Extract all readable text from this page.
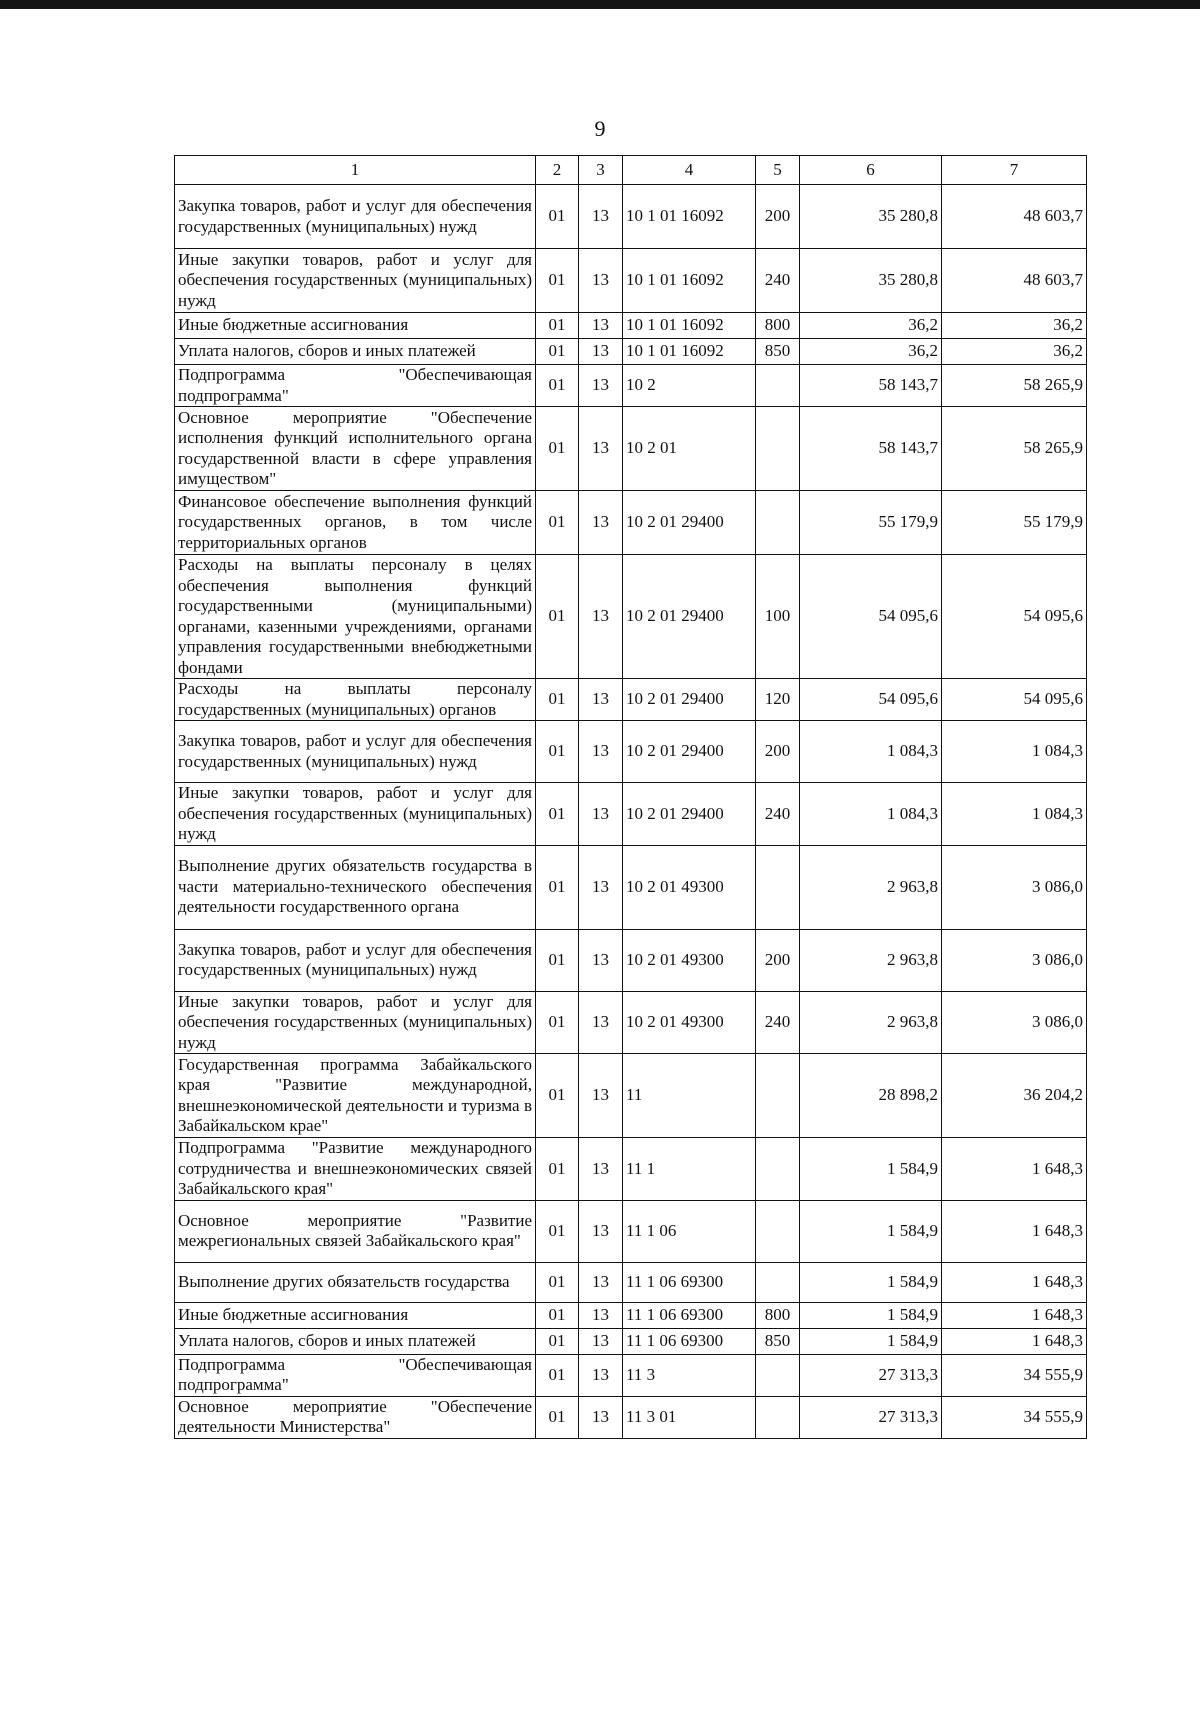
9
1	2	3	4	5	6	7
Закупка товаров, работ и услуг для обеспечения государственных (муниципальных) нужд	01	13	10 1 01 16092	200	35 280,8	48 603,7
Иные закупки товаров, работ и услуг для обеспечения государственных (муниципальных) нужд	01	13	10 1 01 16092	240	35 280,8	48 603,7
Иные бюджетные ассигнования	01	13	10 1 01 16092	800	36,2	36,2
Уплата налогов, сборов и иных платежей	01	13	10 1 01 16092	850	36,2	36,2
Подпрограмма "Обеспечивающая подпрограмма"	01	13	10 2		58 143,7	58 265,9
Основное мероприятие "Обеспечение исполнения функций исполнительного органа государственной власти в сфере управления имуществом"	01	13	10 2 01		58 143,7	58 265,9
Финансовое обеспечение выполнения функций государственных органов, в том числе территориальных органов	01	13	10 2 01 29400		55 179,9	55 179,9
Расходы на выплаты персоналу в целях обеспечения выполнения функций государственными (муниципальными) органами, казенными учреждениями, органами управления государственными внебюджетными фондами	01	13	10 2 01 29400	100	54 095,6	54 095,6
Расходы на выплаты персоналу государственных (муниципальных) органов	01	13	10 2 01 29400	120	54 095,6	54 095,6
Закупка товаров, работ и услуг для обеспечения государственных (муниципальных) нужд	01	13	10 2 01 29400	200	1 084,3	1 084,3
Иные закупки товаров, работ и услуг для обеспечения государственных (муниципальных) нужд	01	13	10 2 01 29400	240	1 084,3	1 084,3
Выполнение других обязательств государства в части материально-технического обеспечения деятельности государственного органа	01	13	10 2 01 49300		2 963,8	3 086,0
Закупка товаров, работ и услуг для обеспечения государственных (муниципальных) нужд	01	13	10 2 01 49300	200	2 963,8	3 086,0
Иные закупки товаров, работ и услуг для обеспечения государственных (муниципальных) нужд	01	13	10 2 01 49300	240	2 963,8	3 086,0
Государственная программа Забайкальского края "Развитие международной, внешнеэкономической деятельности и туризма в Забайкальском крае"	01	13	11		28 898,2	36 204,2
Подпрограмма "Развитие международного сотрудничества и внешнеэкономических связей Забайкальского края"	01	13	11 1		1 584,9	1 648,3
Основное мероприятие "Развитие межрегиональных связей Забайкальского края"	01	13	11 1 06		1 584,9	1 648,3
Выполнение других обязательств государства	01	13	11 1 06 69300		1 584,9	1 648,3
Иные бюджетные ассигнования	01	13	11 1 06 69300	800	1 584,9	1 648,3
Уплата налогов, сборов и иных платежей	01	13	11 1 06 69300	850	1 584,9	1 648,3
Подпрограмма "Обеспечивающая подпрограмма"	01	13	11 3		27 313,3	34 555,9
Основное мероприятие "Обеспечение деятельности Министерства"	01	13	11 3 01		27 313,3	34 555,9
